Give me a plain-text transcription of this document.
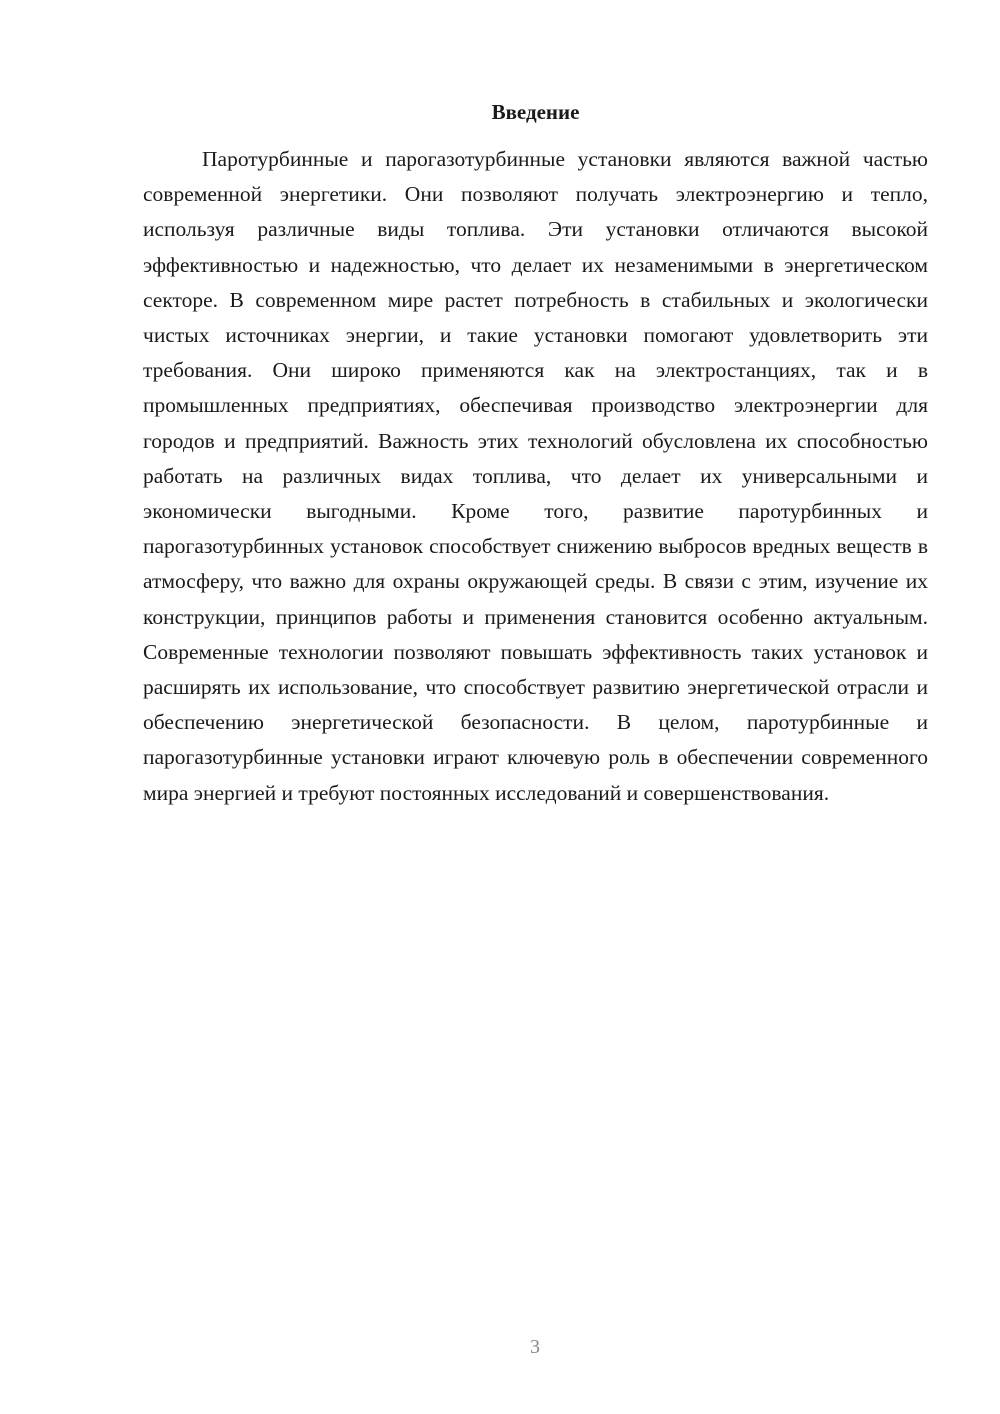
Введение

Паротурбинные и парогазотурбинные установки являются важной частью современной энергетики. Они позволяют получать электроэнергию и тепло, используя различные виды топлива. Эти установки отличаются высокой эффективностью и надежностью, что делает их незаменимыми в энергетическом секторе. В современном мире растет потребность в стабильных и экологически чистых источниках энергии, и такие установки помогают удовлетворить эти требования. Они широко применяются как на электростанциях, так и в промышленных предприятиях, обеспечивая производство электроэнергии для городов и предприятий. Важность этих технологий обусловлена их способностью работать на различных видах топлива, что делает их универсальными и экономически выгодными. Кроме того, развитие паротурбинных и парогазотурбинных установок способствует снижению выбросов вредных веществ в атмосферу, что важно для охраны окружающей среды. В связи с этим, изучение их конструкции, принципов работы и применения становится особенно актуальным. Современные технологии позволяют повышать эффективность таких установок и расширять их использование, что способствует развитию энергетической отрасли и обеспечению энергетической безопасности. В целом, паротурбинные и парогазотурбинные установки играют ключевую роль в обеспечении современного мира энергией и требуют постоянных исследований и совершенствования.

3
